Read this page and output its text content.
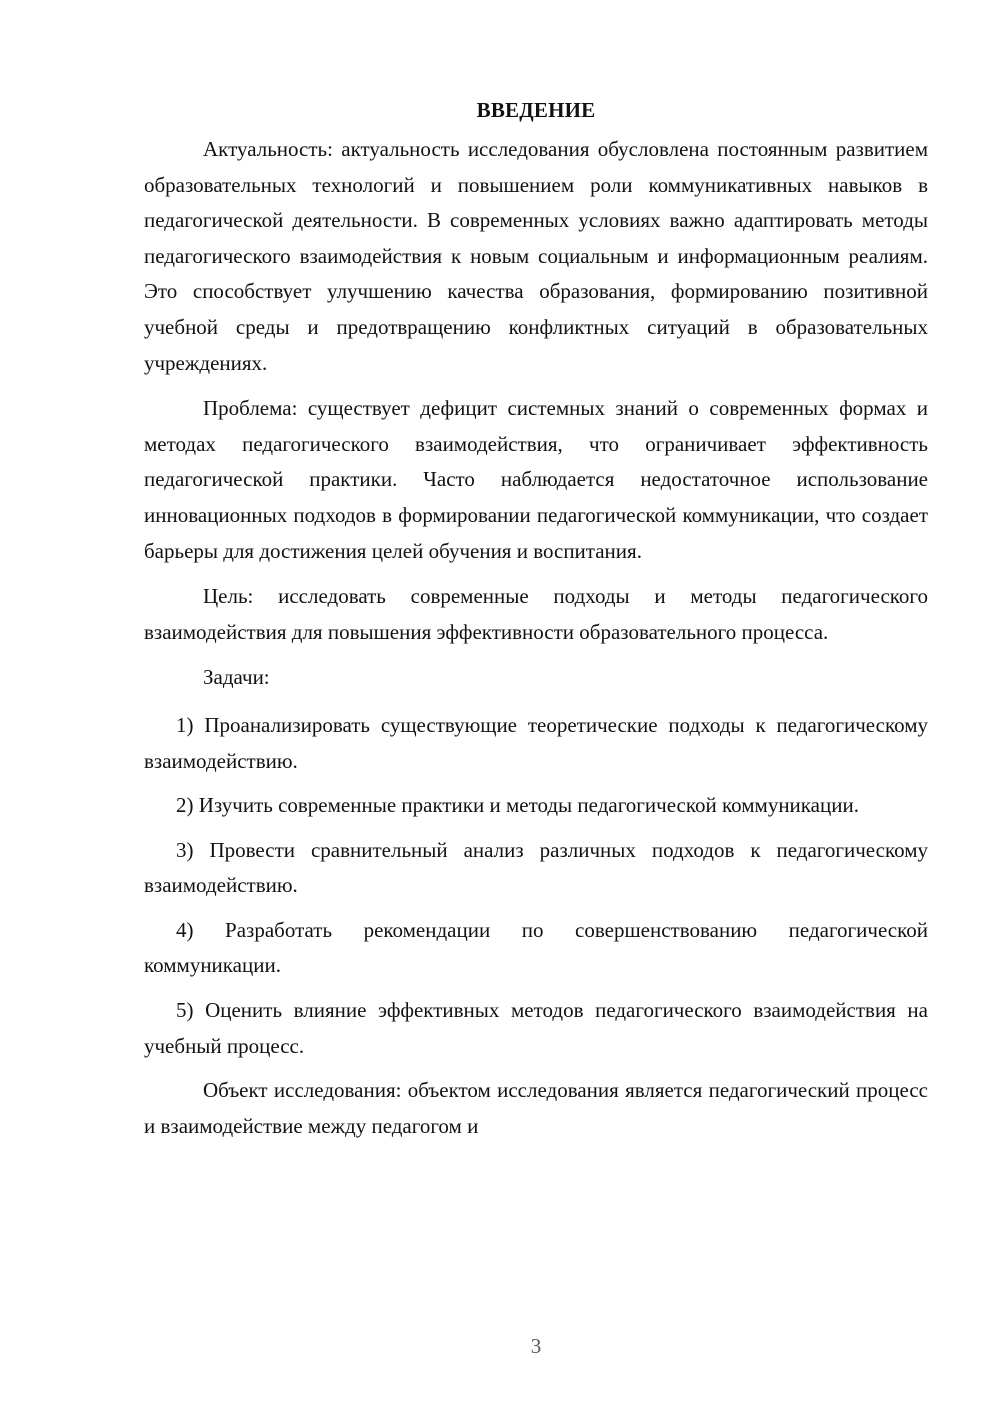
ВВЕДЕНИЕ

Актуальность: актуальность исследования обусловлена постоянным развитием образовательных технологий и повышением роли коммуникативных навыков в педагогической деятельности. В современных условиях важно адаптировать методы педагогического взаимодействия к новым социальным и информационным реалиям. Это способствует улучшению качества образования, формированию позитивной учебной среды и предотвращению конфликтных ситуаций в образовательных учреждениях.

Проблема: существует дефицит системных знаний о современных формах и методах педагогического взаимодействия, что ограничивает эффективность педагогической практики. Часто наблюдается недостаточное использование инновационных подходов в формировании педагогической коммуникации, что создает барьеры для достижения целей обучения и воспитания.

Цель: исследовать современные подходы и методы педагогического взаимодействия для повышения эффективности образовательного процесса.

Задачи:

1) Проанализировать существующие теоретические подходы к педагогическому взаимодействию.

2) Изучить современные практики и методы педагогической коммуникации.

3) Провести сравнительный анализ различных подходов к педагогическому взаимодействию.

4) Разработать рекомендации по совершенствованию педагогической коммуникации.

5) Оценить влияние эффективных методов педагогического взаимодействия на учебный процесс.

Объект исследования: объектом исследования является педагогический процесс и взаимодействие между педагогом и

3
